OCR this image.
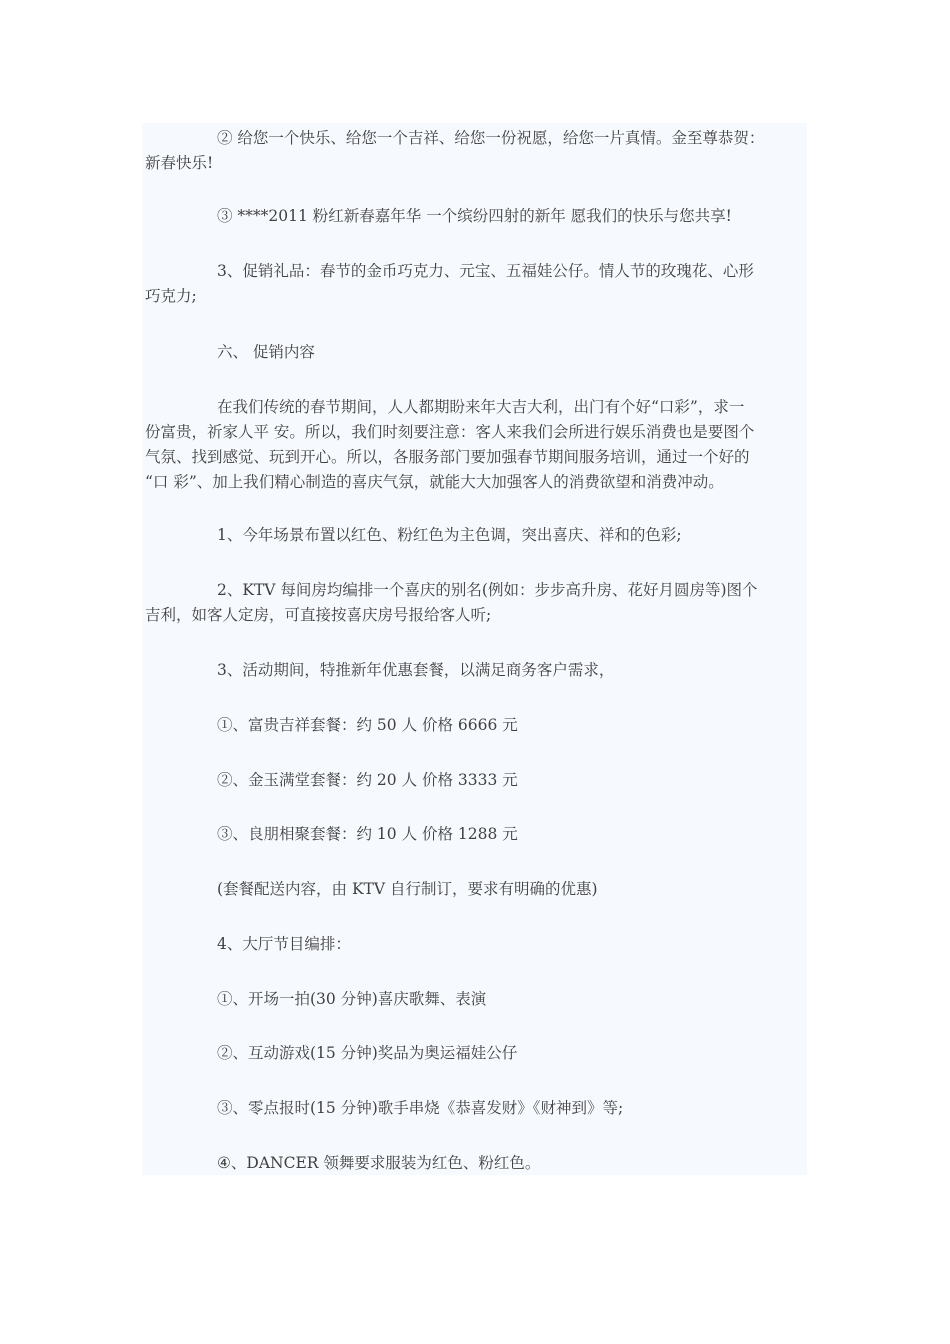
② 给您一个快乐、给您一个吉祥、给您一份祝愿，给您一片真情。金至尊恭贺：
新春快乐!
③ ****2011 粉红新春嘉年华 一个缤纷四射的新年 愿我们的快乐与您共享!
3、促销礼品：春节的金币巧克力、元宝、五福娃公仔。情人节的玫瑰花、心形
巧克力;
六、 促销内容
在我们传统的春节期间，人人都期盼来年大吉大利，出门有个好“口彩”，求一
份富贵，祈家人平 安。所以，我们时刻要注意：客人来我们会所进行娱乐消费也是要图个
气氛、找到感觉、玩到开心。所以，各服务部门要加强春节期间服务培训，通过一个好的
“口 彩”、加上我们精心制造的喜庆气氛，就能大大加强客人的消费欲望和消费冲动。
1、今年场景布置以红色、粉红色为主色调，突出喜庆、祥和的色彩;
2、KTV 每间房均编排一个喜庆的别名(例如：步步高升房、花好月圆房等)图个
吉利，如客人定房，可直接按喜庆房号报给客人听;
3、活动期间，特推新年优惠套餐，以满足商务客户需求，
①、富贵吉祥套餐：约 50 人 价格 6666 元
②、金玉满堂套餐：约 20 人 价格 3333 元
③、良朋相聚套餐：约 10 人 价格 1288 元
(套餐配送内容，由 KTV 自行制订，要求有明确的优惠)
4、大厅节目编排：
①、开场一拍(30 分钟)喜庆歌舞、表演
②、互动游戏(15 分钟)奖品为奥运福娃公仔
③、零点报时(15 分钟)歌手串烧《恭喜发财》《财神到》等;
④、DANCER 领舞要求服装为红色、粉红色。
